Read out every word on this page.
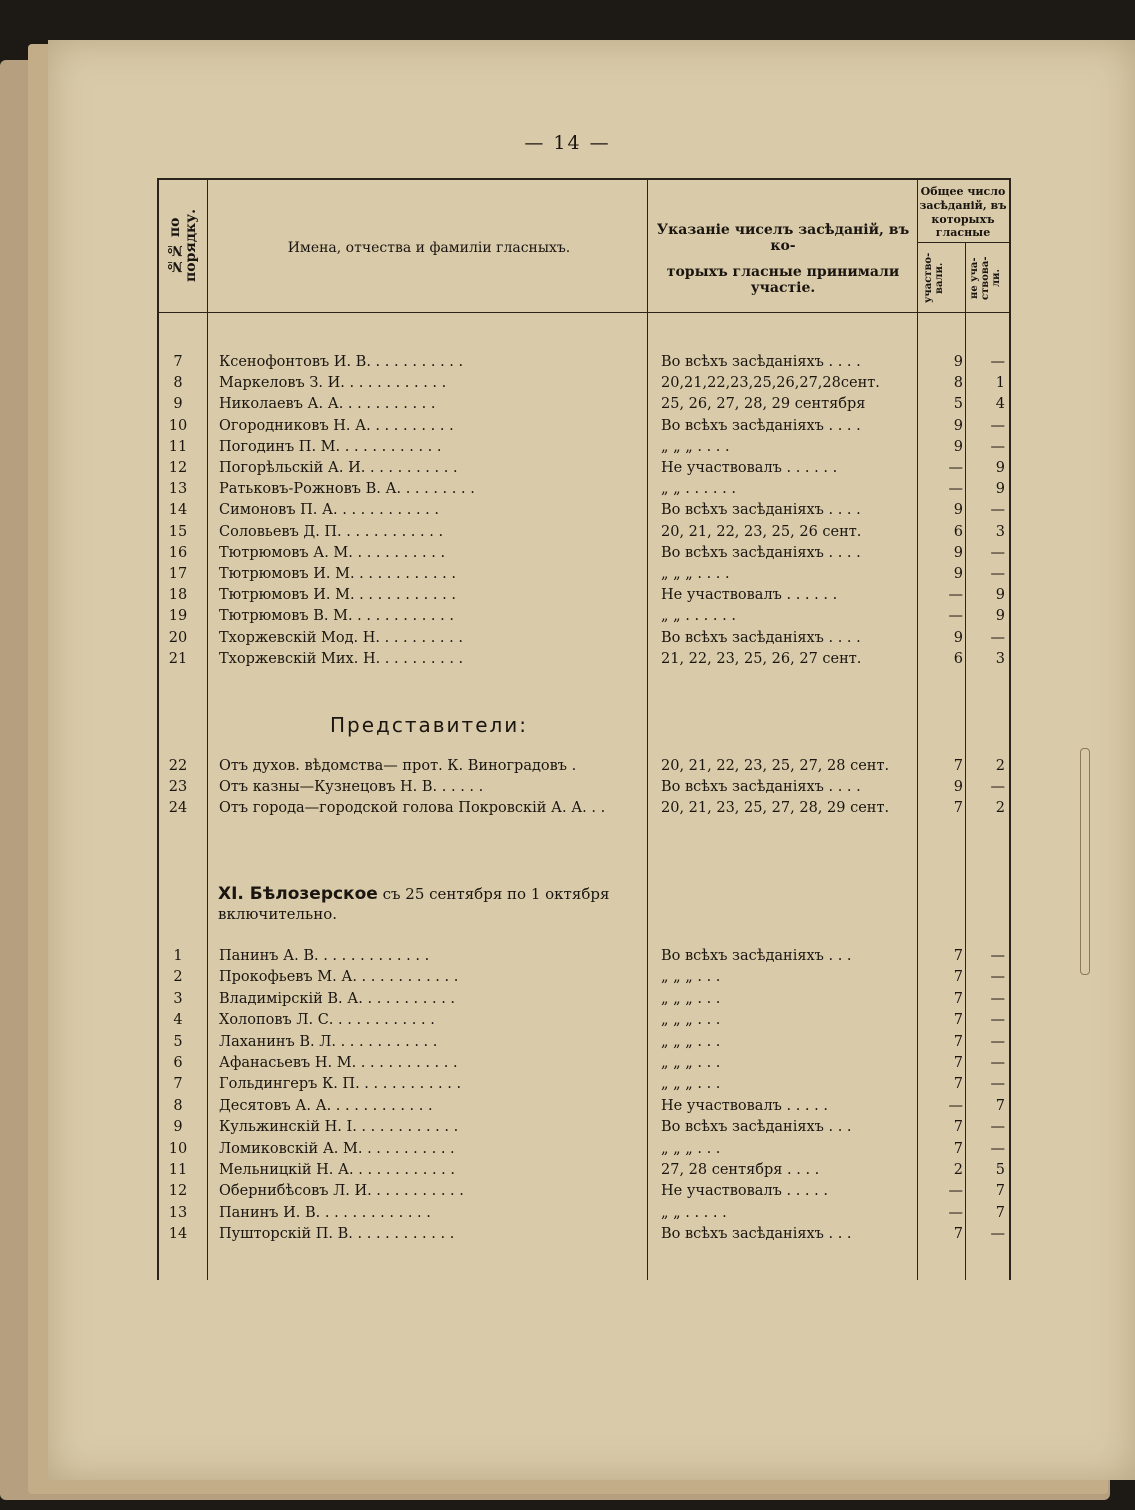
— 14 —
№№ по порядку.	Имена, отчества и фамиліи гласныхъ.
Указаніе чиселъ засѣданій, въ ко-
торыхъ гласные принимали участіе.
Общее число
засѣданій, въ
которыхъ
гласные
участво-вали.	не уча-ствова-ли.
7	Ксенофонтовъ И. В. . . . . . . . . . .	Во всѣхъ засѣданіяхъ . . . .	9	—
8	Маркеловъ З. И. . . . . . . . . . . .	20,21,22,23,25,26,27,28сент.	8	1
9	Николаевъ А. А. . . . . . . . . . .	25, 26, 27, 28, 29 сентября	5	4
10	Огородниковъ Н. А. . . . . . . . . .	Во всѣхъ засѣданіяхъ . . . .	9	—
11	Погодинъ П. М. . . . . . . . . . . .	„ „ „ . . . .	9	—
12	Погорѣльскій А. И. . . . . . . . . . .	Не участвовалъ . . . . . .	—	9
13	Ратьковъ-Рожновъ В. А. . . . . . . . .	„ „ . . . . . .	—	9
14	Симоновъ П. А. . . . . . . . . . . .	Во всѣхъ засѣданіяхъ . . . .	9	—
15	Соловьевъ Д. П. . . . . . . . . . . .	20, 21, 22, 23, 25, 26 сент.	6	3
16	Тютрюмовъ А. М. . . . . . . . . . .	Во всѣхъ засѣданіяхъ . . . .	9	—
17	Тютрюмовъ И. М. . . . . . . . . . . .	„ „ „ . . . .	9	—
18	Тютрюмовъ И. М. . . . . . . . . . . .	Не участвовалъ . . . . . .	—	9
19	Тютрюмовъ В. М. . . . . . . . . . . .	„ „ . . . . . .	—	9
20	Тхоржевскій Мод. Н. . . . . . . . . .	Во всѣхъ засѣданіяхъ . . . .	9	—
21	Тхоржевскій Мих. Н. . . . . . . . . .	21, 22, 23, 25, 26, 27 сент.	6	3
Представители:
22	Отъ духов. вѣдомства— прот. К. Виноградовъ .	20, 21, 22, 23, 25, 27, 28 сент.	7	2
23	Отъ казны—Кузнецовъ Н. В. . . . . .	Во всѣхъ засѣданіяхъ . . . .	9	—
24	Отъ города—городской голова Покровскій А. А. . .	20, 21, 23, 25, 27, 28, 29 сент.	7	2
XI. Бѣлозерское съ 25 сентября по 1 октября
включительно.
1	Панинъ А. В. . . . . . . . . . . . .	Во всѣхъ засѣданіяхъ . . .	7	—
2	Прокофьевъ М. А. . . . . . . . . . . .	„ „ „ . . .	7	—
3	Владимірскій В. А. . . . . . . . . . .	„ „ „ . . .	7	—
4	Холоповъ Л. С. . . . . . . . . . . .	„ „ „ . . .	7	—
5	Лаханинъ В. Л. . . . . . . . . . . .	„ „ „ . . .	7	—
6	Афанасьевъ Н. М. . . . . . . . . . . .	„ „ „ . . .	7	—
7	Гольдингеръ К. П. . . . . . . . . . . .	„ „ „ . . .	7	—
8	Десятовъ А. А. . . . . . . . . . . .	Не участвовалъ . . . . .	—	7
9	Кульжинскій Н. I. . . . . . . . . . . .	Во всѣхъ засѣданіяхъ . . .	7	—
10	Ломиковскій А. М. . . . . . . . . . .	„ „ „ . . .	7	—
11	Мельницкій Н. А. . . . . . . . . . . .	27, 28 сентября . . . .	2	5
12	Обернибѣсовъ Л. И. . . . . . . . . . .	Не участвовалъ . . . . .	—	7
13	Панинъ И. В. . . . . . . . . . . . .	„ „ . . . . .	—	7
14	Пушторскій П. В. . . . . . . . . . . .	Во всѣхъ засѣданіяхъ . . .	7	—
